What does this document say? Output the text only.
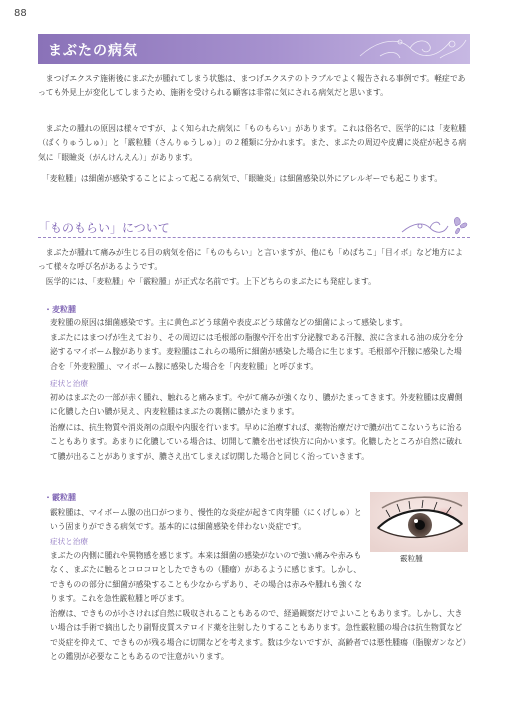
88
まぶたの病気
　まつげエクステ施術後にまぶたが腫れてしまう状態は、まつげエクステのトラブルでよく報告される事例です。軽症であっても外見上が変化してしまうため、施術を受けられる顧客は非常に気にされる病気だと思います。
　まぶたの腫れの原因は様々ですが、よく知られた病気に「ものもらい」があります。これは俗名で、医学的には「麦粒腫（ばくりゅうしゅ）」と「霰粒腫（さんりゅうしゅ）」の２種類に分かれます。また、まぶたの周辺や皮膚に炎症が起きる病気に「眼瞼炎（がんけんえん）」があります。
　「麦粒腫」は細菌が感染することによって起こる病気で、「眼瞼炎」は細菌感染以外にアレルギーでも起こります。
「ものもらい」について
　まぶたが腫れて痛みが生じる目の病気を俗に「ものもらい」と言いますが、他にも「めばちこ」「目イボ」など地方によって様々な呼び名があるようです。
　医学的には、「麦粒腫」や「霰粒腫」が正式な名前です。上下どちらのまぶたにも発症します。
・麦粒腫
麦粒腫の原因は細菌感染です。主に黄色ぶどう球菌や表皮ぶどう球菌などの細菌によって感染します。
まぶたにはまつげが生えており、その周辺には毛根部の脂腺や汗を出す分泌腺である汗腺、涙に含まれる油の成分を分泌するマイボーム腺があります。麦粒腫はこれらの場所に細菌が感染した場合に生じます。毛根部や汗腺に感染した場合を「外麦粒腫」、マイボーム腺に感染した場合を「内麦粒腫」と呼びます。
症状と治療
初めはまぶたの一部が赤く腫れ、触れると痛みます。やがて痛みが強くなり、膿がたまってきます。外麦粒腫は皮膚側に化膿した白い膿が見え、内麦粒腫はまぶたの裏側に膿がたまります。
治療には、抗生物質や消炎剤の点眼や内服を行います。早めに治療すれば、薬物治療だけで膿が出てこないうちに治ることもあります。あまりに化膿している場合は、切開して膿を出せば快方に向かいます。化膿したところが自然に破れて膿が出ることがありますが、膿さえ出てしまえば切開した場合と同じく治っていきます。
・霰粒腫
霰粒腫は、マイボーム腺の出口がつまり、慢性的な炎症が起きて肉芽腫（にくげしゅ）という固まりができる病気です。基本的には細菌感染を伴わない炎症です。
症状と治療
まぶたの内側に腫れや異物感を感じます。本来は細菌の感染がないので強い痛みや赤みもなく、まぶたに触るとコロコロとしたできもの（腫瘤）があるように感じます。しかし、できものの部分に細菌が感染することも少なからずあり、その場合は赤みや腫れも強くなります。これを急性霰粒腫と呼びます。
治療は、できものが小さければ自然に吸収されることもあるので、経過観察だけでよいこともあります。しかし、大きい場合は手術で摘出したり副腎皮質ステロイド薬を注射したりすることもあります。急性霰粒腫の場合は抗生物質などで炎症を抑えて、できものが残る場合に切開などを考えます。数は少ないですが、高齢者では悪性腫瘍（脂腺ガンなど）との鑑別が必要なこともあるので注意がいります。
霰粒腫
